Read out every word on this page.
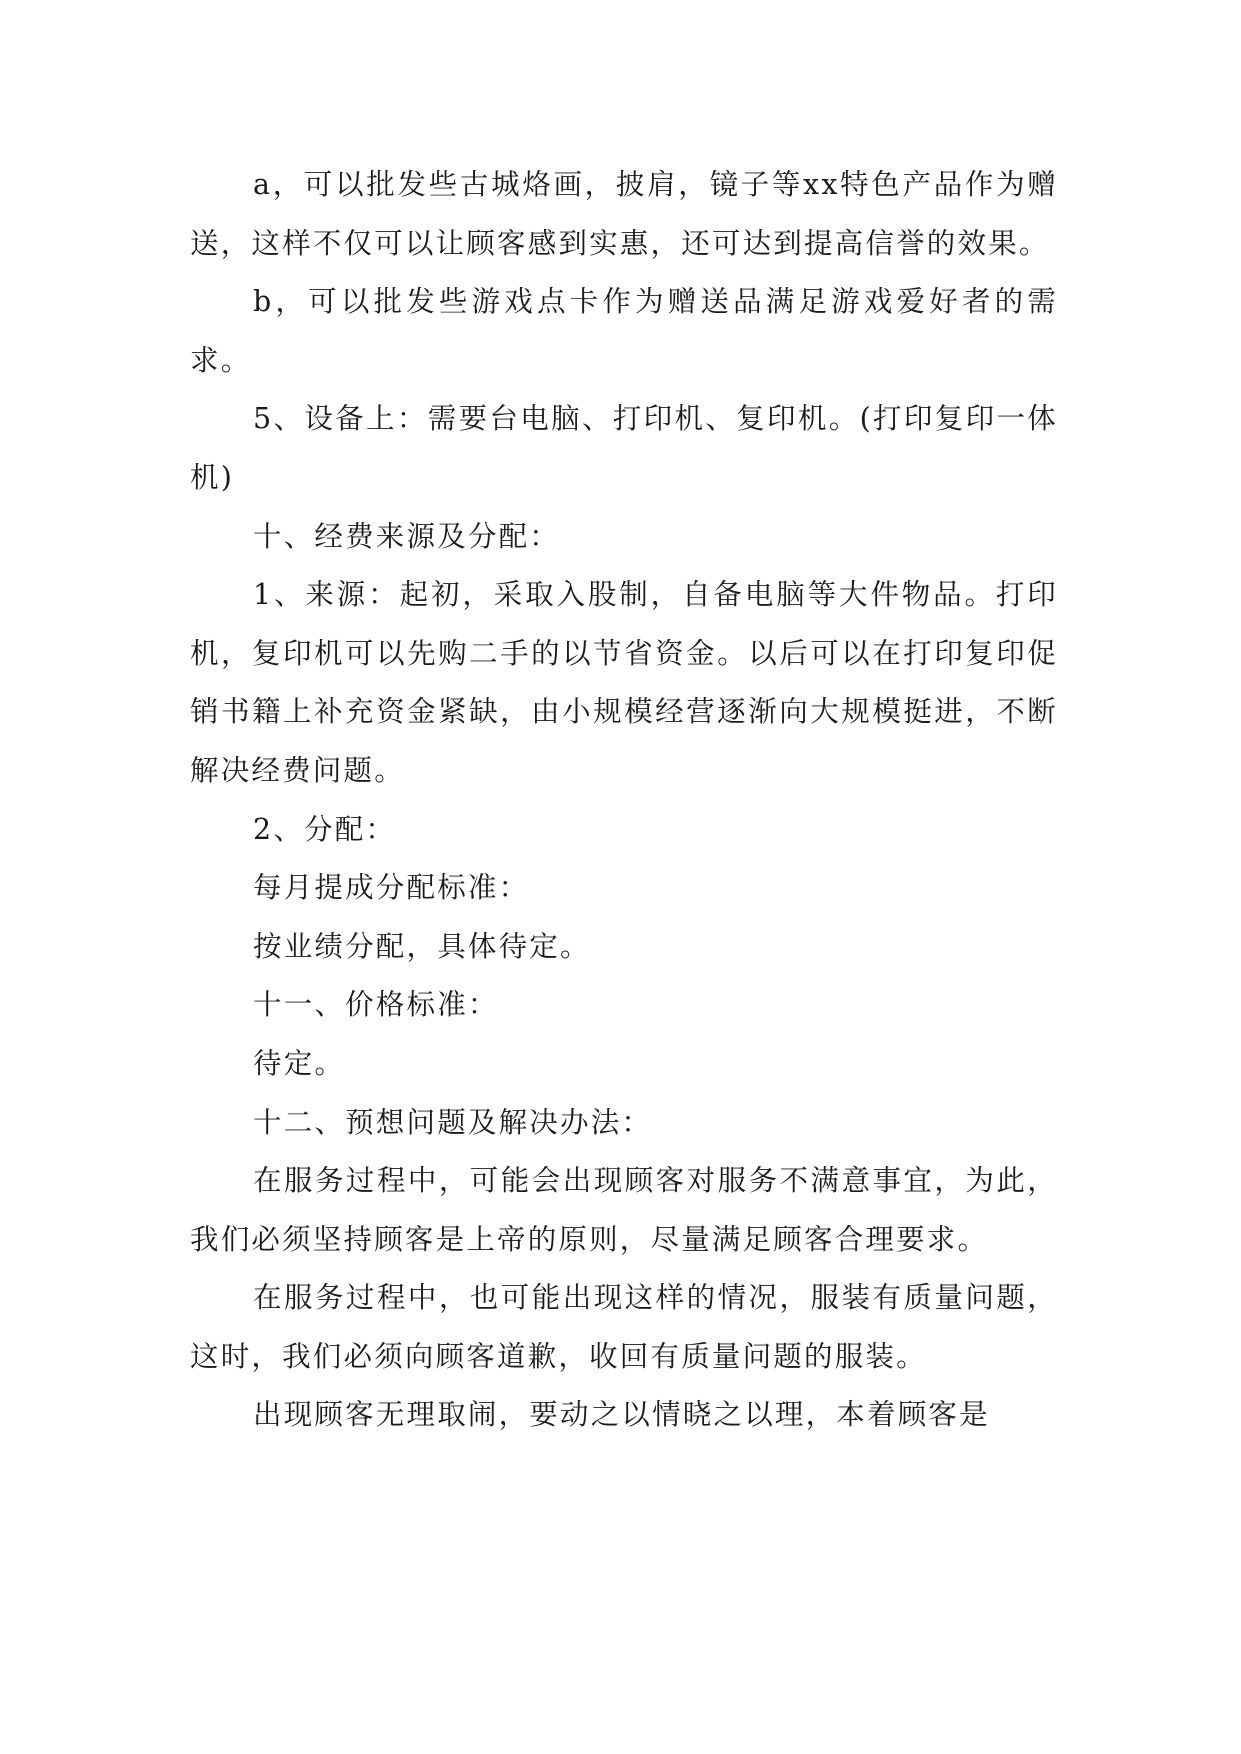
a，可以批发些古城烙画，披肩，镜子等xx特色产品作为赠送，这样不仅可以让顾客感到实惠，还可达到提高信誉的效果。

b，可以批发些游戏点卡作为赠送品满足游戏爱好者的需求。

5、设备上：需要台电脑、打印机、复印机。(打印复印一体机)

十、经费来源及分配：

1、来源：起初，采取入股制，自备电脑等大件物品。打印机，复印机可以先购二手的以节省资金。以后可以在打印复印促销书籍上补充资金紧缺，由小规模经营逐渐向大规模挺进，不断解决经费问题。

2、分配：

每月提成分配标准：

按业绩分配，具体待定。

十一、价格标准：

待定。

十二、预想问题及解决办法：

在服务过程中，可能会出现顾客对服务不满意事宜，为此，我们必须坚持顾客是上帝的原则，尽量满足顾客合理要求。

在服务过程中，也可能出现这样的情况，服装有质量问题，这时，我们必须向顾客道歉，收回有质量问题的服装。

出现顾客无理取闹，要动之以情晓之以理，本着顾客是
